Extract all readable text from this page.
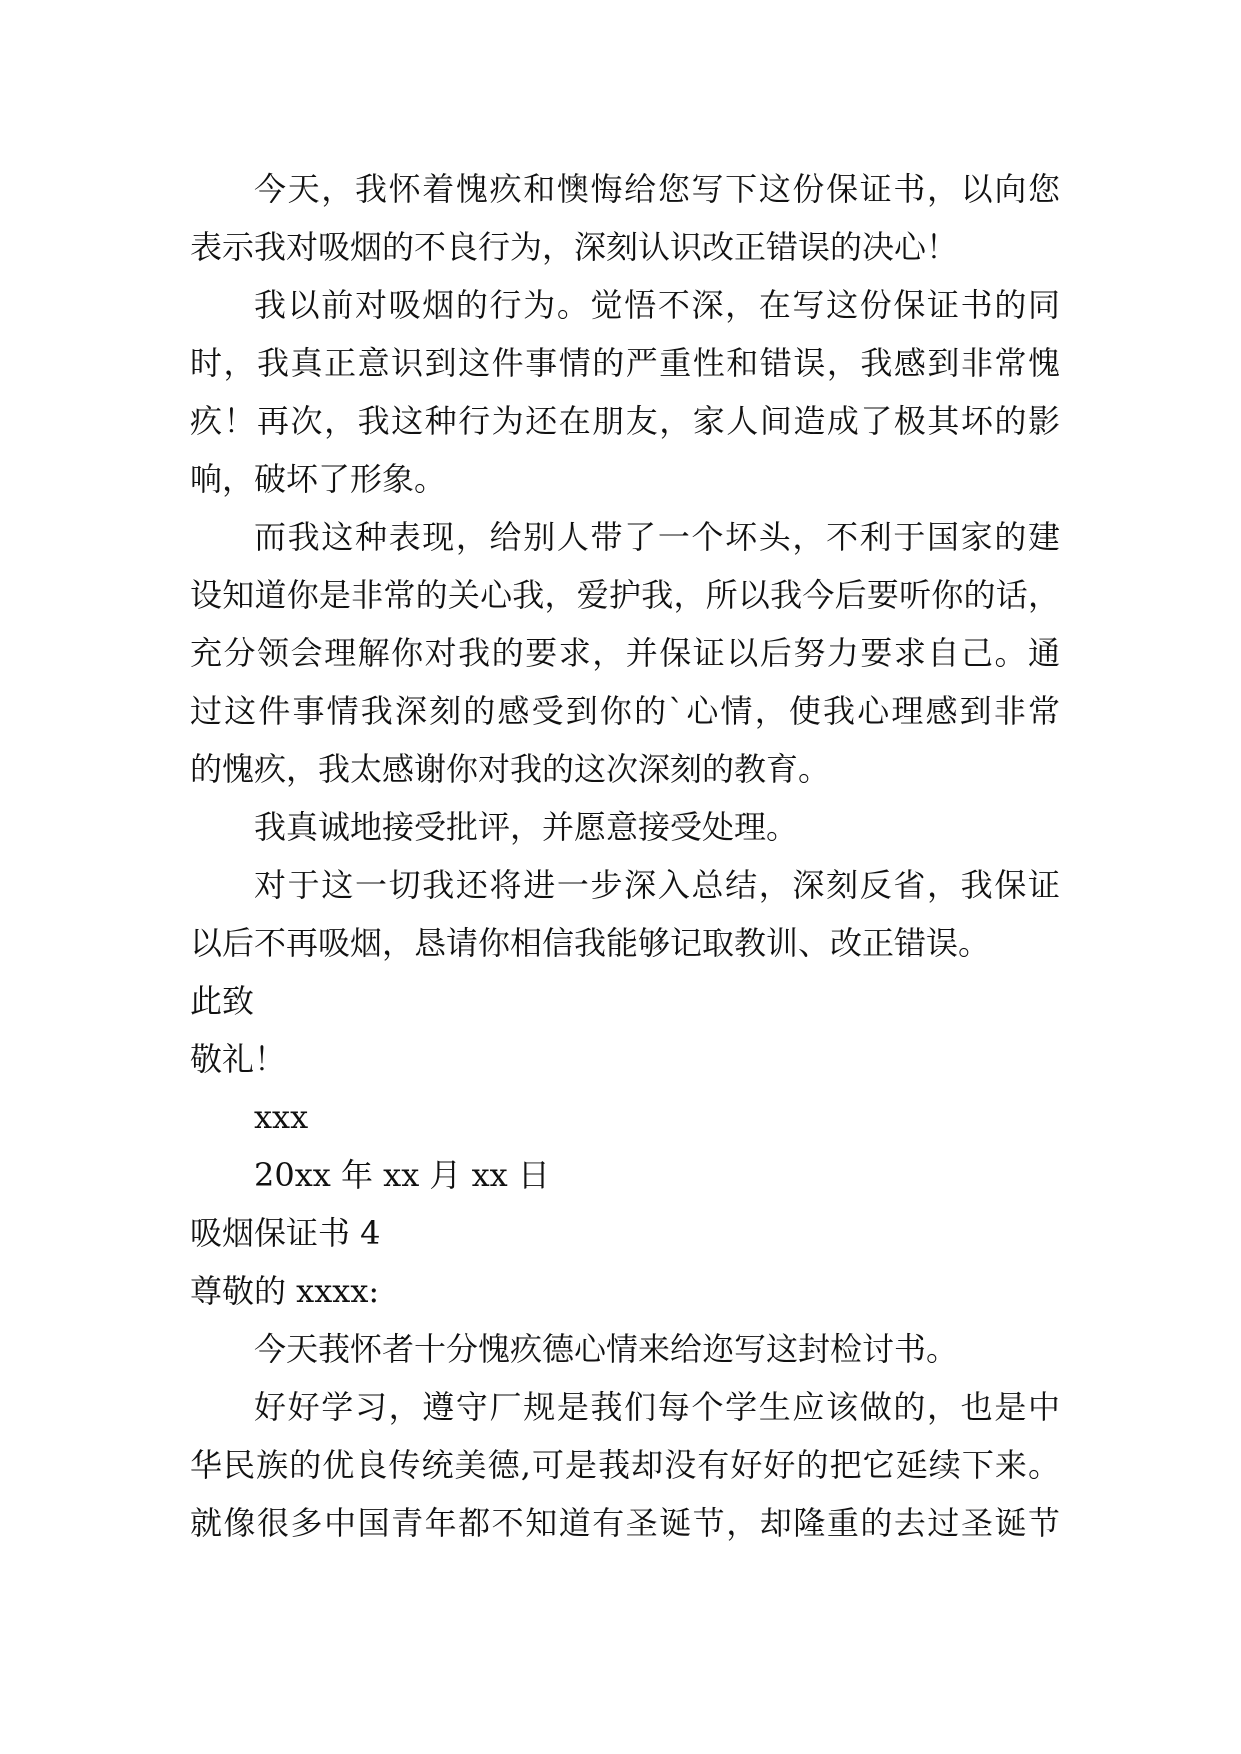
今天，我怀着愧疚和懊悔给您写下这份保证书，以向您
表示我对吸烟的不良行为，深刻认识改正错误的决心！
我以前对吸烟的行为。觉悟不深，在写这份保证书的同
时，我真正意识到这件事情的严重性和错误，我感到非常愧
疚！再次，我这种行为还在朋友，家人间造成了极其坏的影
响，破坏了形象。
而我这种表现，给别人带了一个坏头，不利于国家的建
设知道你是非常的关心我，爱护我，所以我今后要听你的话，
充分领会理解你对我的要求，并保证以后努力要求自己。通
过这件事情我深刻的感受到你的`心情，使我心理感到非常
的愧疚，我太感谢你对我的这次深刻的教育。
我真诚地接受批评，并愿意接受处理。
对于这一切我还将进一步深入总结，深刻反省，我保证
以后不再吸烟，恳请你相信我能够记取教训、改正错误。
此致
敬礼！
xxx
20xx 年 xx 月 xx 日
吸烟保证书 4
尊敬的 xxxx:
今天莪怀者十分愧疚德心情来给迩写这封检讨书。
好好学习，遵守厂规是莪们每个学生应该做的，也是中
华民族的优良传统美德,可是莪却没有好好的把它延续下来。
就像很多中国青年都不知道有圣诞节，却隆重的去过圣诞节
